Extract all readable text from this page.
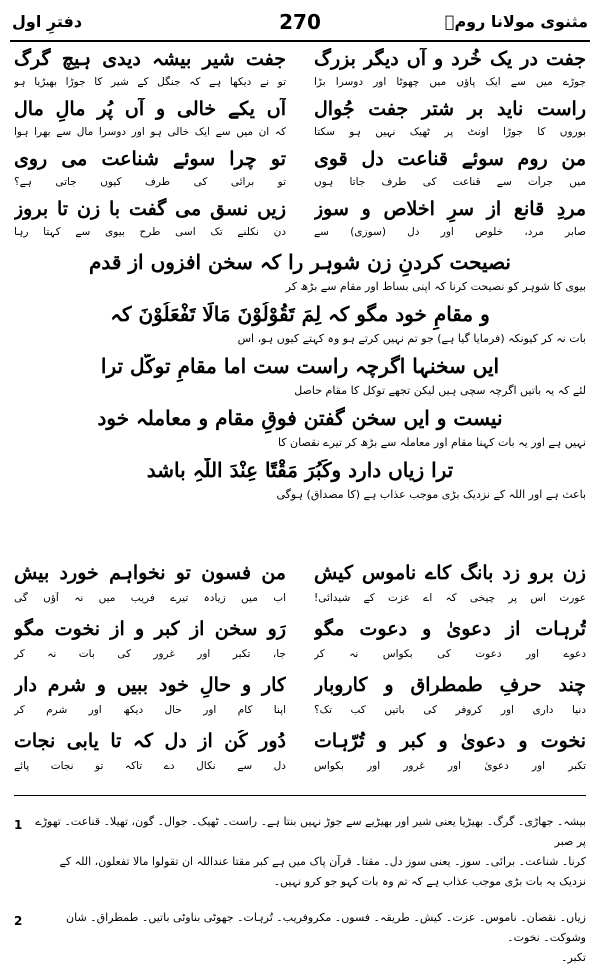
دفترِ اول	270	مثنوی مولانا رومؒ
جفت در یک خُرد و آں دیگر بزرگ
جوڑے میں سے ایک پاؤں میں چھوٹا اور دوسرا بڑا
راست ناید بر شتر جفت جُوال
بوروں کا جوڑا اونٹ پر ٹھیک نہیں ہو سکتا
من روم سوئے قناعت دل قوی
میں جرأت سے قناعت کی طرف جاتا ہوں
مردِ قانع از سرِ اخلاص و سوز
صابر مرد، خلوص اور دل (سوزی) سے
جفت شیر بیشہ دیدی ہیچ گرگ
تو نے دیکھا ہے کہ جنگل کے شیر کا جوڑا بھیڑیا ہو
آں یکے خالی و آں پُر مالِ مال
کہ ان میں سے ایک خالی ہو اور دوسرا مال سے بھرا ہوا
تو چرا سوئے شناعت می روی
تو برائی کی طرف کیوں جاتی ہے؟
زیں نسق می گفت با زن تا بروز
دن نکلنے تک اسی طرح بیوی سے کہتا رہا
نصیحت کردنِ زن شوہر را کہ سخن افزوں از قدم
بیوی کا شوہر کو نصیحت کرنا کہ اپنی بساط اور مقام سے بڑھ کر
و مقامِ خود مگو کہ لِمَ تَقُوْلُوْنَ مَالَا تَفْعَلُوْنَ کہ
بات نہ کر کیونکہ (فرمایا گیا ہے) جو تم نہیں کرتے ہو وہ کہتے کیوں ہو، اس
ایں سخنہا اگرچہ راست ست اما مقامِ توکّل ترا
لئے کہ یہ باتیں اگرچہ سچی ہیں لیکن تجھے توکل کا مقام حاصل
نیست و ایں سخن گفتن فوقِ مقام و معاملہ خود
نہیں ہے اور یہ بات کہنا مقام اور معاملہ سے بڑھ کر تیرے نقصان کا
ترا زیاں دارد وکَبُرَ مَقْتًا عِنْدَ اللّٰہِ باشد
باعث ہے اور اللہ کے نزدیک بڑی موجب عذاب ہے (کا مصداق) ہوگی
زن برو زد بانگ کاے ناموس کیش
عورت اس پر چیخی کہ اے عزت کے شیدائی!
تُرہات از دعویٰ و دعوت مگو
دعوے اور دعوت کی بکواس نہ کر
چند حرفِ طمطراق و کاروبار
دنیا داری اور کروفر کی باتیں کب تک؟
نخوت و دعویٰ و کبر و تُرّہات
تکبر اور دعویٰ اور غرور اور بکواس
من فسون تو نخواہم خورد بیش
اب میں زیادہ تیرے فریب میں نہ آؤں گی
رَو سخن از کبر و از نخوت مگو
جا، تکبر اور غرور کی بات نہ کر
کار و حالِ خود ببیں و شرم دار
اپنا کام اور حال دیکھ اور شرم کر
دُور کُن از دل کہ تا یابی نجات
دل سے نکال دے تاکہ تو نجات پائے
1	بیشہ۔ جھاڑی۔ گرگ۔ بھیڑیا یعنی شیر اور بھیڑیے سے جوڑ نہیں بنتا ہے۔ راست۔ ٹھیک۔ جوال۔ گون، تھیلا۔ قناعت۔ تھوڑے پر صبر
کرنا۔ شناعت۔ برائی۔ سوز۔ یعنی سوز دل۔ مقتا۔ قرآن پاک میں ہے کبر مقتا عنداللہ ان تقولوا مالا تفعلون، اللہ کے
نزدیک یہ بات بڑی موجب عذاب ہے کہ تم وہ بات کہو جو کرو نہیں۔
2	زیاں۔ نقصان۔ ناموس۔ عزت۔ کیش۔ طریقہ۔ فسوں۔ مکروفریب۔ تُرہات۔ جھوٹی بناوٹی باتیں۔ طمطراق۔ شان وشوکت۔ نخوت۔
تکبر۔
